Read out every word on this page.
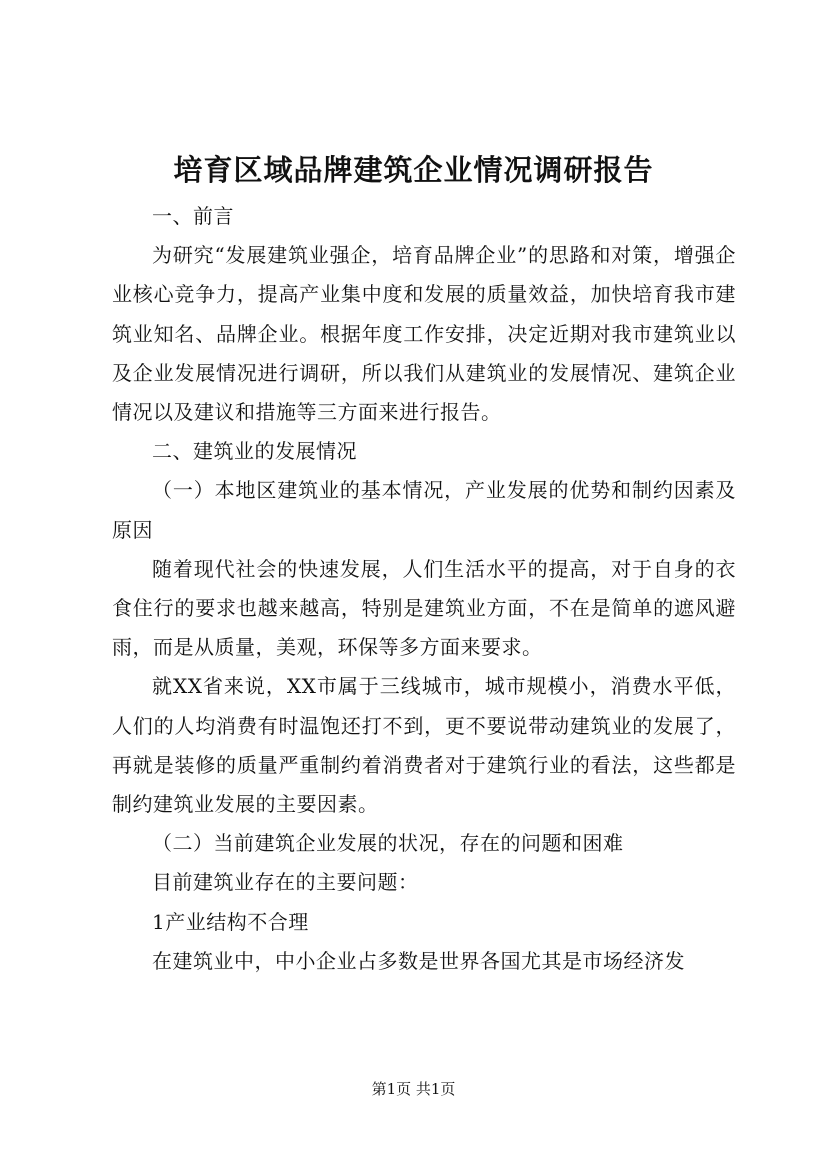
培育区域品牌建筑企业情况调研报告

一、前言

为研究“发展建筑业强企，培育品牌企业”的思路和对策，增强企业核心竞争力，提高产业集中度和发展的质量效益，加快培育我市建筑业知名、品牌企业。根据年度工作安排，决定近期对我市建筑业以及企业发展情况进行调研，所以我们从建筑业的发展情况、建筑企业情况以及建议和措施等三方面来进行报告。

二、建筑业的发展情况

（一）本地区建筑业的基本情况，产业发展的优势和制约因素及原因

随着现代社会的快速发展，人们生活水平的提高，对于自身的衣食住行的要求也越来越高，特别是建筑业方面，不在是简单的遮风避雨，而是从质量，美观，环保等多方面来要求。

就XX省来说，XX市属于三线城市，城市规模小，消费水平低，人们的人均消费有时温饱还打不到，更不要说带动建筑业的发展了，再就是装修的质量严重制约着消费者对于建筑行业的看法，这些都是制约建筑业发展的主要因素。

（二）当前建筑企业发展的状况，存在的问题和困难

目前建筑业存在的主要问题：

1产业结构不合理

在建筑业中，中小企业占多数是世界各国尤其是市场经济发

第1页 共1页
